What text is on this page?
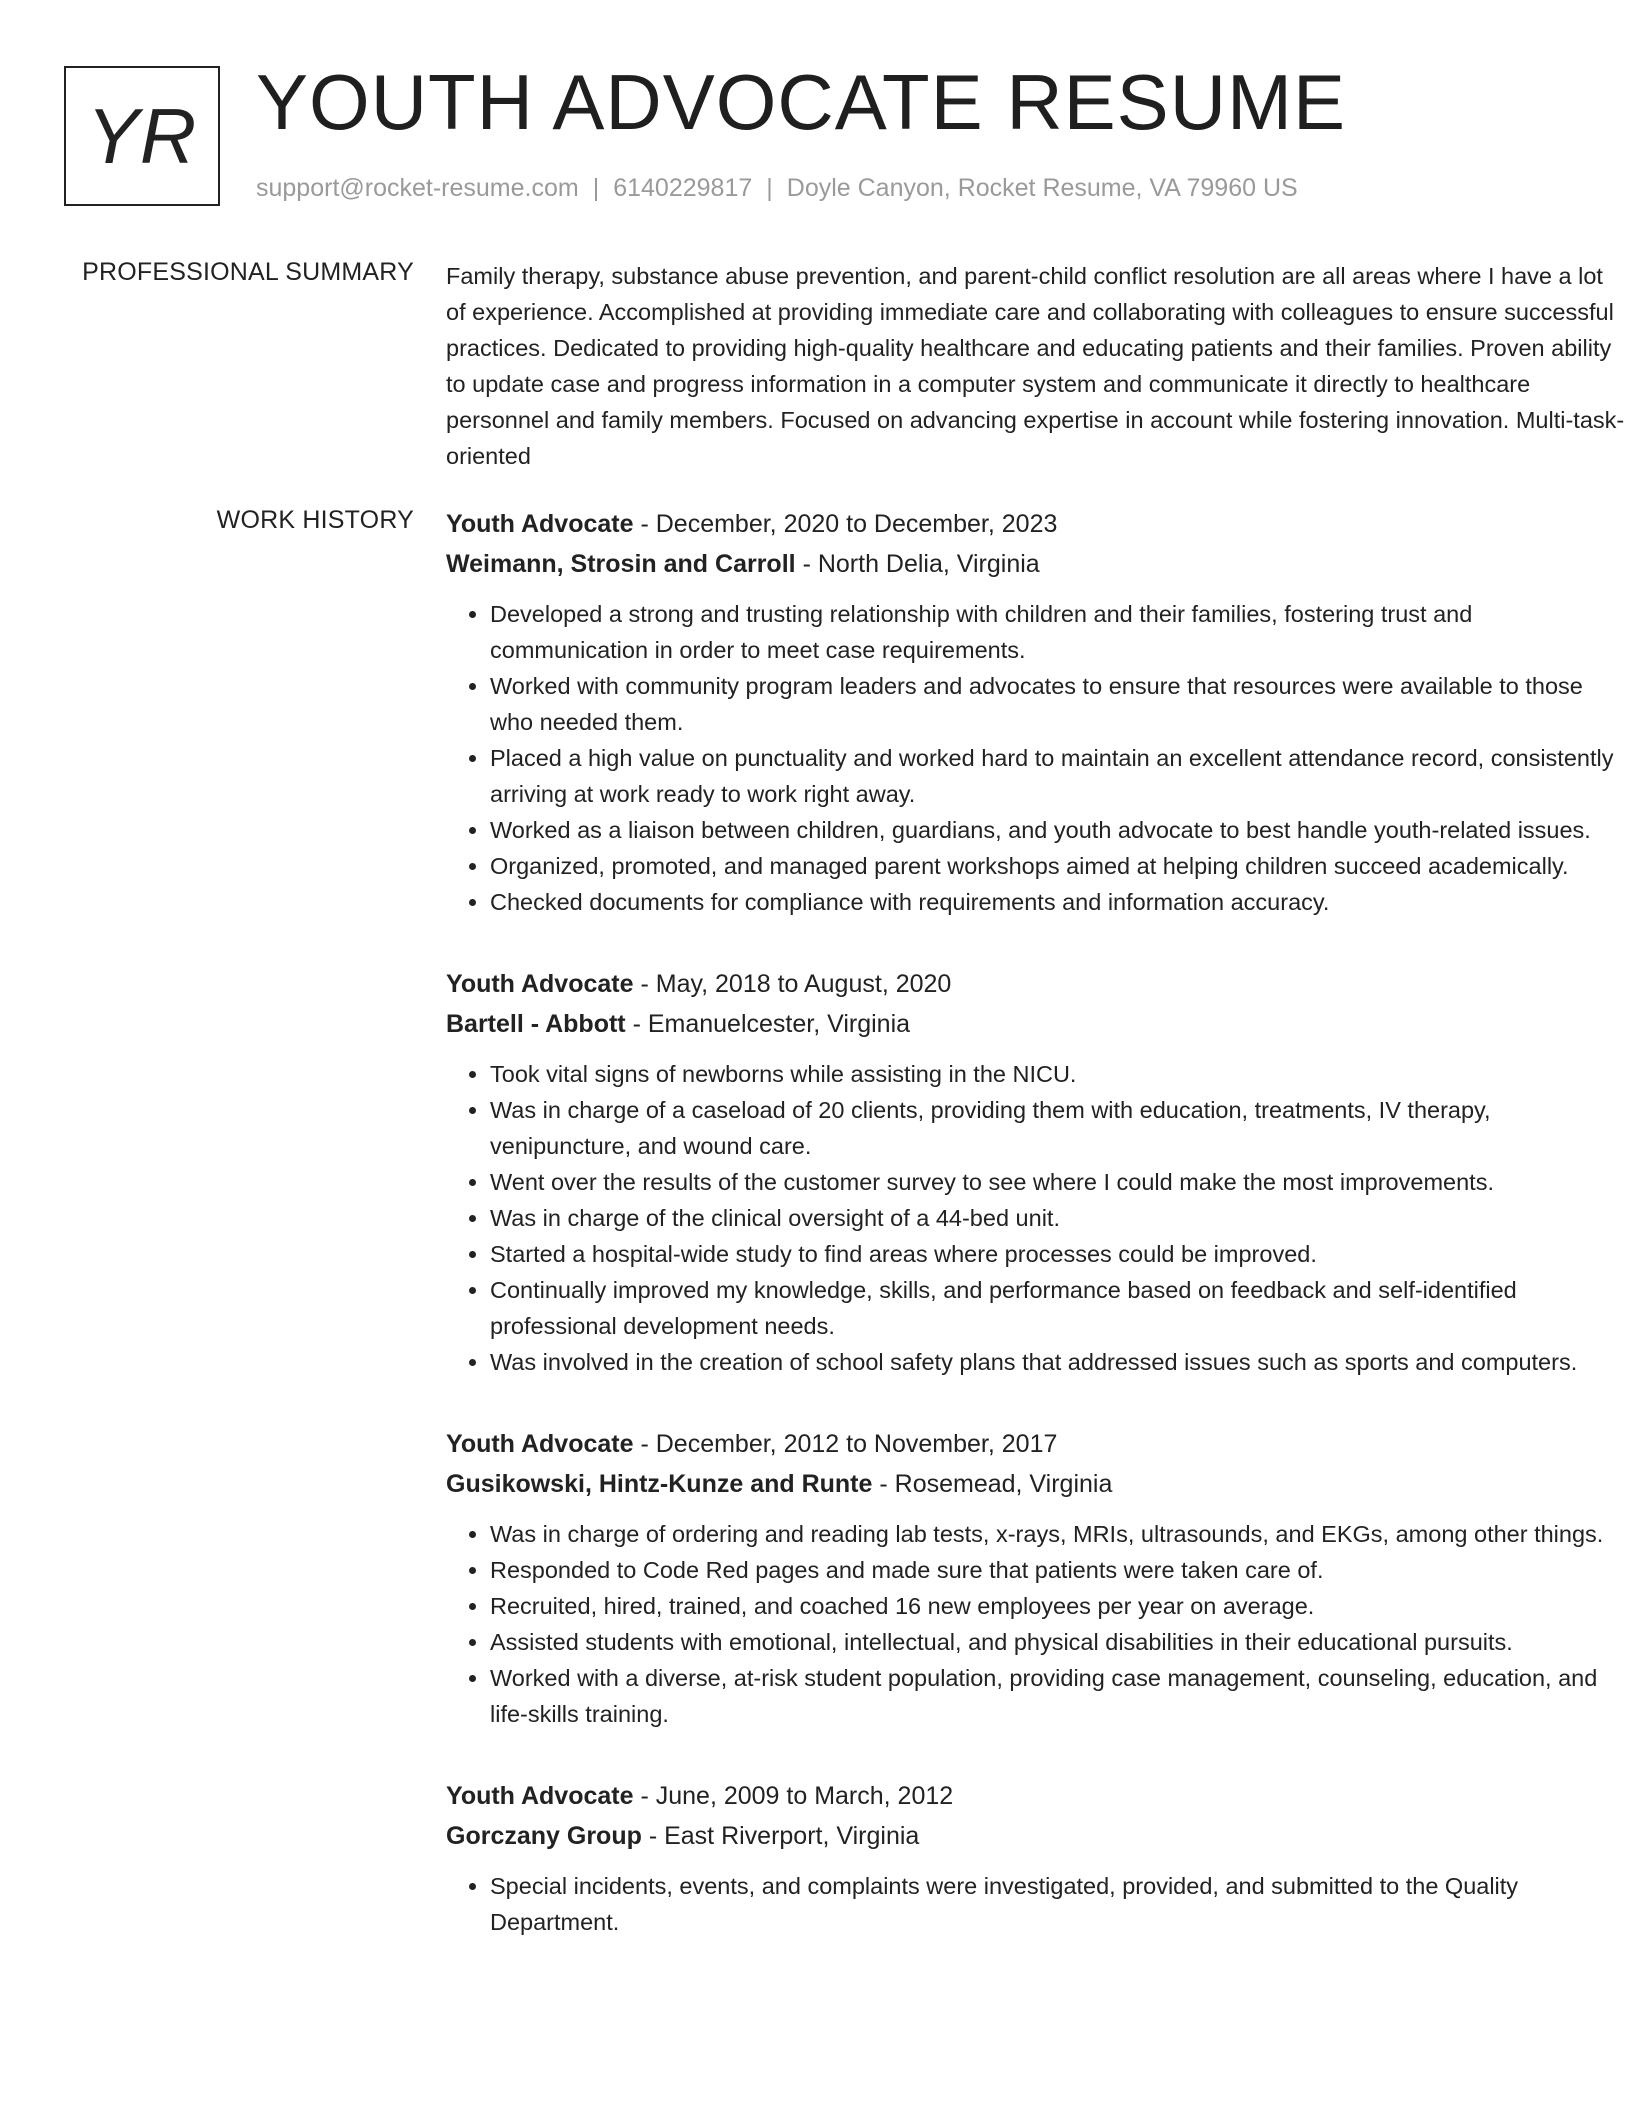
YR YOUTH ADVOCATE RESUME
support@rocket-resume.com | 6140229817 | Doyle Canyon, Rocket Resume, VA 79960 US
PROFESSIONAL SUMMARY Family therapy, substance abuse prevention, and parent-child conflict resolution are all areas where I have a lot of experience. Accomplished at providing immediate care and collaborating with colleagues to ensure successful practices. Dedicated to providing high-quality healthcare and educating patients and their families. Proven ability to update case and progress information in a computer system and communicate it directly to healthcare personnel and family members. Focused on advancing expertise in account while fostering innovation. Multi-task-oriented

WORK HISTORY Youth Advocate - December, 2020 to December, 2023
Weimann, Strosin and Carroll - North Delia, Virginia
• Developed a strong and trusting relationship with children and their families, fostering trust and communication in order to meet case requirements.
• Worked with community program leaders and advocates to ensure that resources were available to those who needed them.
• Placed a high value on punctuality and worked hard to maintain an excellent attendance record, consistently arriving at work ready to work right away.
• Worked as a liaison between children, guardians, and youth advocate to best handle youth-related issues.
• Organized, promoted, and managed parent workshops aimed at helping children succeed academically.
• Checked documents for compliance with requirements and information accuracy.
Youth Advocate - May, 2018 to August, 2020
Bartell - Abbott - Emanuelcester, Virginia
• Took vital signs of newborns while assisting in the NICU.
• Was in charge of a caseload of 20 clients, providing them with education, treatments, IV therapy, venipuncture, and wound care.
• Went over the results of the customer survey to see where I could make the most improvements.
• Was in charge of the clinical oversight of a 44-bed unit.
• Started a hospital-wide study to find areas where processes could be improved.
• Continually improved my knowledge, skills, and performance based on feedback and self-identified professional development needs.
• Was involved in the creation of school safety plans that addressed issues such as sports and computers.
Youth Advocate - December, 2012 to November, 2017
Gusikowski, Hintz-Kunze and Runte - Rosemead, Virginia
• Was in charge of ordering and reading lab tests, x-rays, MRIs, ultrasounds, and EKGs, among other things.
• Responded to Code Red pages and made sure that patients were taken care of.
• Recruited, hired, trained, and coached 16 new employees per year on average.
• Assisted students with emotional, intellectual, and physical disabilities in their educational pursuits.
• Worked with a diverse, at-risk student population, providing case management, counseling, education, and life-skills training.
Youth Advocate - June, 2009 to March, 2012
Gorczany Group - East Riverport, Virginia
• Special incidents, events, and complaints were investigated, provided, and submitted to the Quality Department.
